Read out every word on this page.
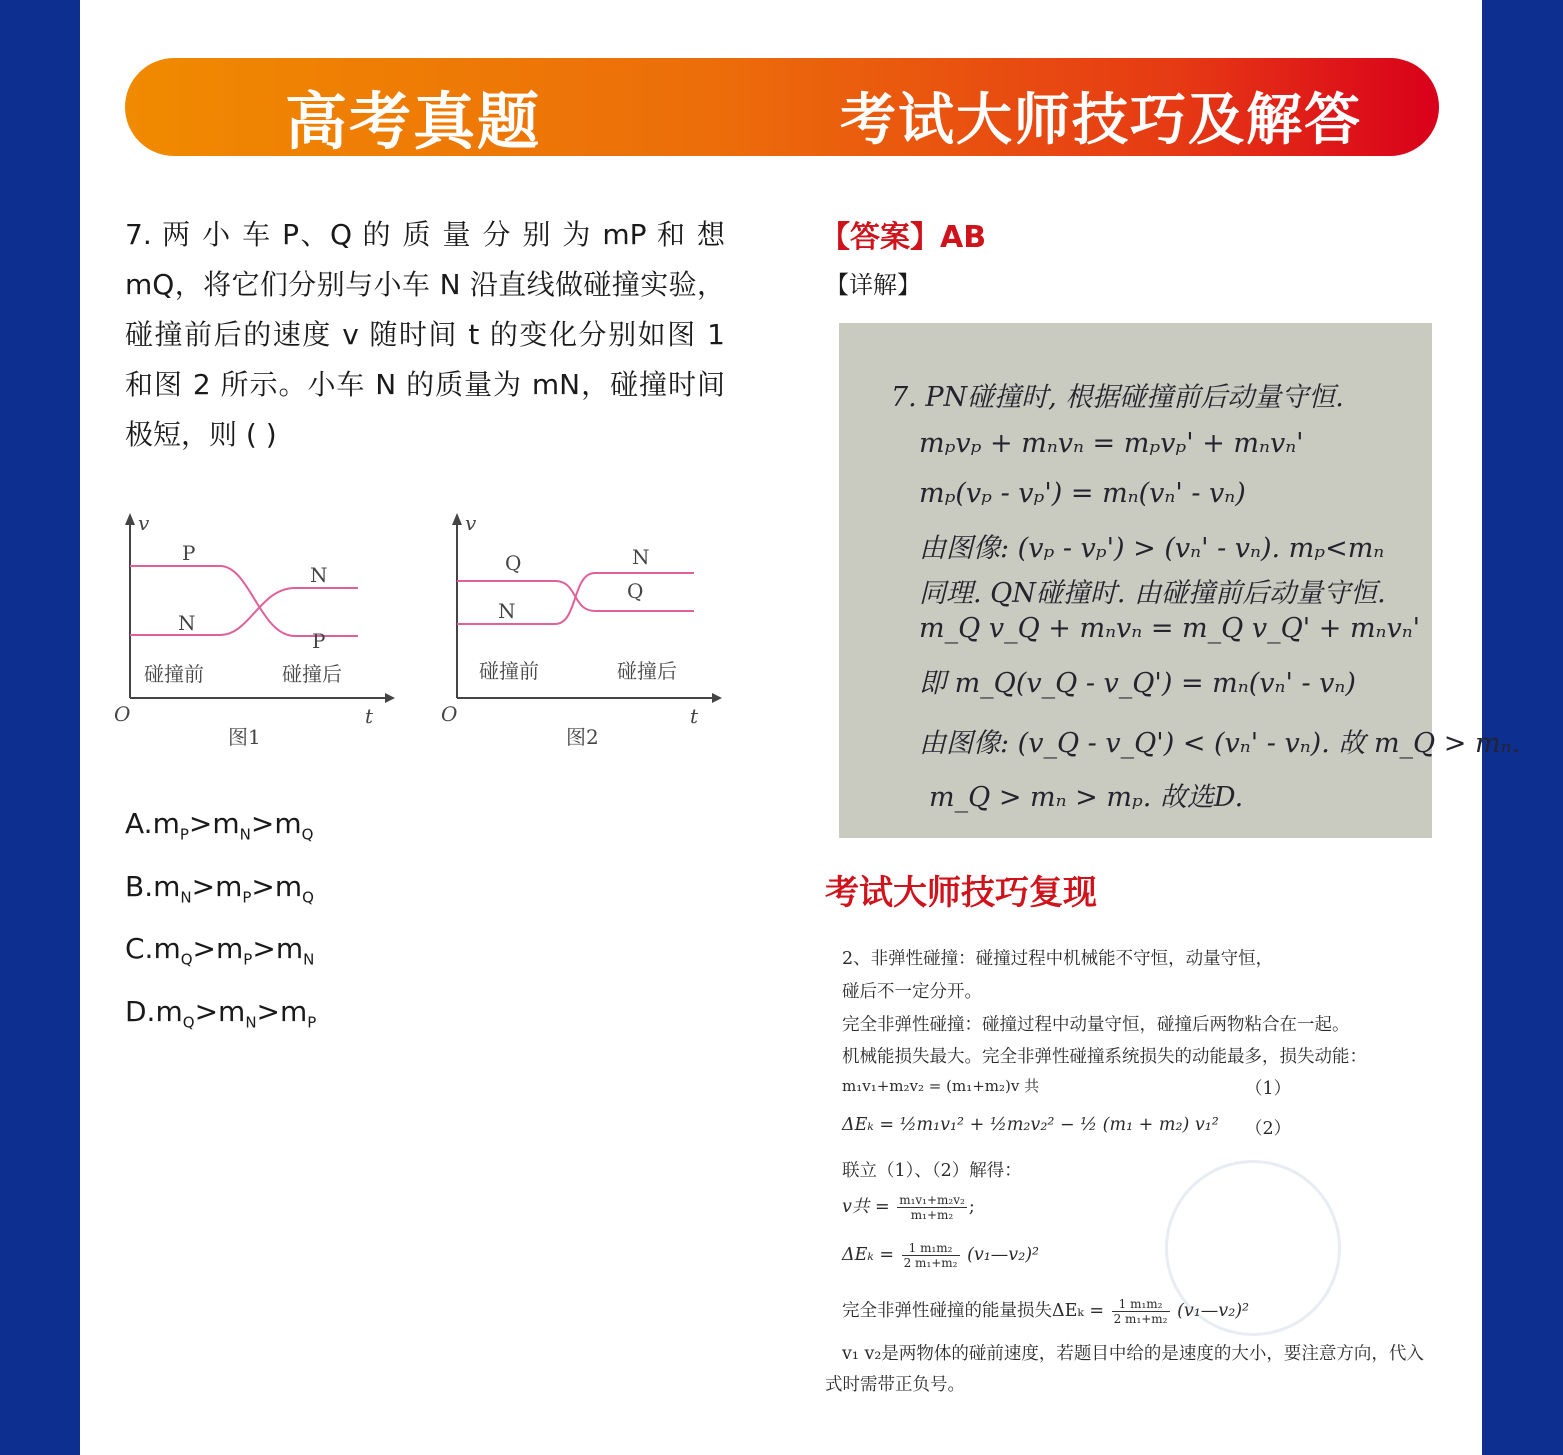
高考真题	考试大师技巧及解答
7. 两 小 车 P、Q 的 质 量 分 别 为 mP 和 想 mQ，将它们分别与小车 N 沿直线做碰撞实验，碰撞前后的速度 v 随时间 t 的变化分别如图 1 和图 2 所示。小车 N 的质量为 mN，碰撞时间极短，则 ( )
v
t
O
P
N
N
P
碰撞前	碰撞后
图1
v
t
O
Q
N
N
Q
碰撞前	碰撞后
图2
$A.m_P>m_N>m_Q$
$B.m_N>m_P>m_Q$
$C.m_Q>m_P>m_N$
$D.m_Q>m_N>m_P$
【答案】AB
【详解】
7. PN碰撞时, 根据碰撞前后动量守恒.
mₚvₚ + mₙvₙ = mₚvₚ' + mₙvₙ'
mₚ(vₚ - vₚ') = mₙ(vₙ' - vₙ)
由图像: (vₚ - vₚ') > (vₙ' - vₙ). mₚ<mₙ
同理. QN碰撞时. 由碰撞前后动量守恒.
m_Q v_Q + mₙvₙ = m_Q v_Q' + mₙvₙ'
即 m_Q(v_Q - v_Q') = mₙ(vₙ' - vₙ)
由图像: (v_Q - v_Q') < (vₙ' - vₙ). 故 m_Q > mₙ.
m_Q > mₙ > mₚ. 故选D.
考试大师技巧复现
2、非弹性碰撞：碰撞过程中机械能不守恒，动量守恒，
碰后不一定分开。
完全非弹性碰撞：碰撞过程中动量守恒，碰撞后两物粘合在一起。
机械能损失最大。完全非弹性碰撞系统损失的动能最多，损失动能：
m₁v₁+m₂v₂ = (m₁+m₂)v 共	（1）
ΔEₖ = ½m₁v₁² + ½m₂v₂² − ½ (m₁ + m₂) v₁² （2）
联立（1）、（2）解得：
v共 = $\frac{\text{m₁v₁+m₂v₂}}{\text{m₁+m₂}}$ ;
$\Delta E_k = \frac{\text{1 m₁m₂}}{\text{2 m₁+m₂}}$ (v₁—v₂)²
完全非弹性碰撞的能量损失$\Delta E_k = \frac{\text{1 m₁m₂}}{\text{2 m₁+m₂}}$ (v₁—v₂)²
v₁ v₂是两物体的碰前速度，若题目中给的是速度的大小，要注意方向，代入
式时需带正负号。
